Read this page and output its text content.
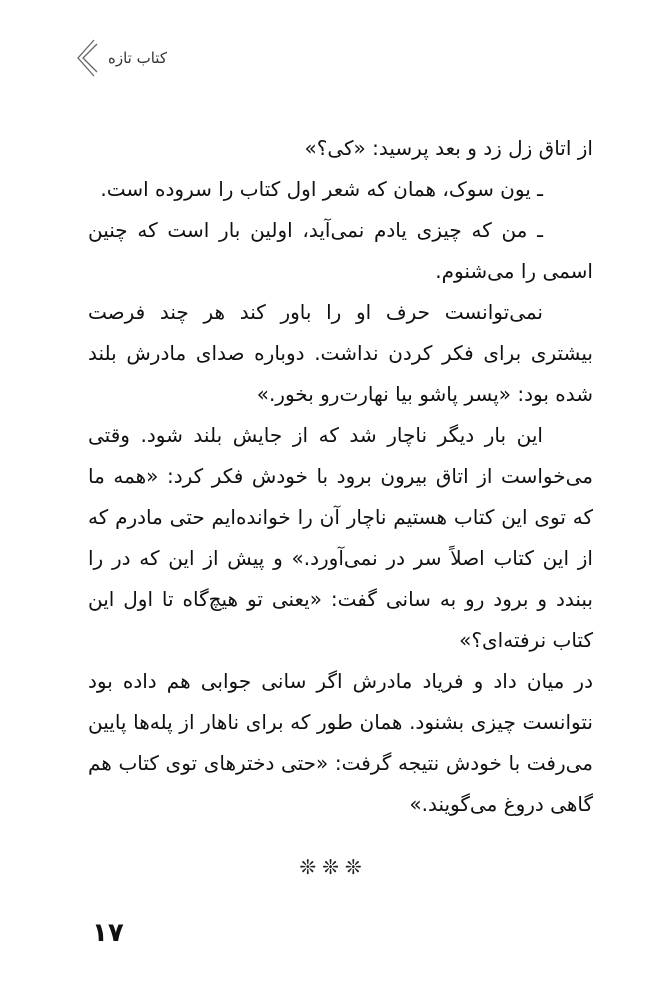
کتاب تازه

از اتاق زل زد و بعد پرسید: «کی؟»

ـ یون سوک، همان که شعر اول کتاب را سروده است.

ـ من که چیزی یادم نمی‌آید، اولین بار است که چنین اسمی را می‌شنوم.

نمی‌توانست حرف او را باور کند هر چند فرصت بیشتری برای فکر کردن نداشت. دوباره صدای مادرش بلند شده بود: «پسر پاشو بیا نهارت‌رو بخور.»

این بار دیگر ناچار شد که از جایش بلند شود. وقتی می‌خواست از اتاق بیرون برود با خودش فکر کرد: «همه ما که توی این کتاب هستیم ناچار آن را خوانده‌ایم حتی مادرم که از این کتاب اصلاً سر در نمی‌آورد.» و پیش از این که در را ببندد و برود رو به سانی گفت: «یعنی تو هیچ‌گاه تا اول این کتاب نرفته‌ای؟»

در میان داد و فریاد مادرش اگر سانی جوابی هم داده بود نتوانست چیزی بشنود. همان طور که برای ناهار از پله‌ها پایین می‌رفت با خودش نتیجه گرفت: «حتی دخترهای توی کتاب هم گاهی دروغ می‌گویند.»

❊❊❊
۱۷
